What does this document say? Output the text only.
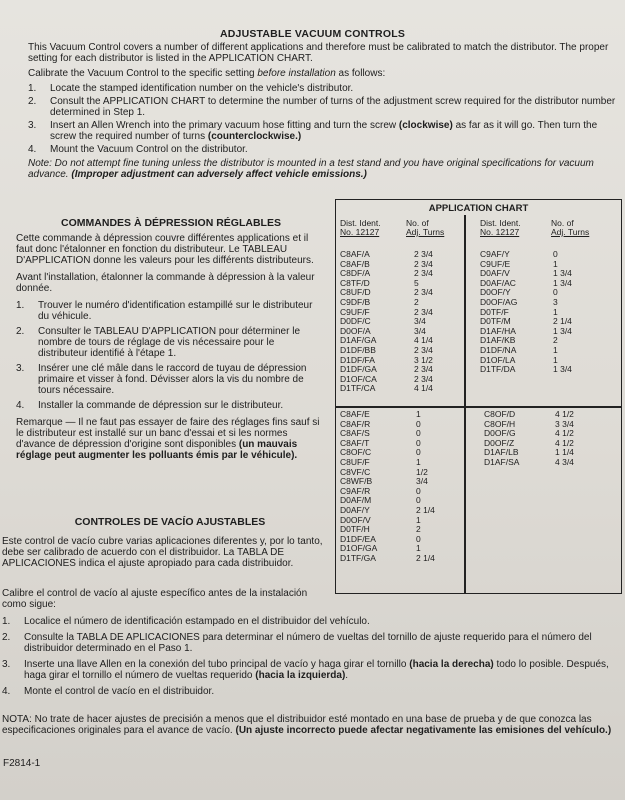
ADJUSTABLE VACUUM CONTROLS

This Vacuum Control covers a number of different applications and therefore must be calibrated to match the distributor. The proper setting for each distributor is listed in the APPLICATION CHART.

Calibrate the Vacuum Control to the specific setting before installation as follows:

1. Locate the stamped identification number on the vehicle's distributor.
2. Consult the APPLICATION CHART to determine the number of turns of the adjustment screw required for the distributor number determined in Step 1.
3. Insert an Allen Wrench into the primary vacuum hose fitting and turn the screw (clockwise) as far as it will go. Then turn the screw the required number of turns (counterclockwise.)
4. Mount the Vacuum Control on the distributor.

Note: Do not attempt fine tuning unless the distributor is mounted in a test stand and you have original specifications for vacuum advance. (Improper adjustment can adversely affect vehicle emissions.)

COMMANDES À DÉPRESSION RÉGLABLES

Cette commande à dépression couvre différentes applications et il faut donc l'étalonner en fonction du distributeur. Le TABLEAU D'APPLICATION donne les valeurs pour les différents distributeurs.

Avant l'installation, étalonner la commande à dépression à la valeur donnée.

1. Trouver le numéro d'identification estampillé sur le distributeur du véhicule.
2. Consulter le TABLEAU D'APPLICATION pour déterminer le nombre de tours de réglage de vis nécessaire pour le distributeur identifié à l'étape 1.
3. Insérer une clé mâle dans le raccord de tuyau de dépression primaire et visser à fond. Dévisser alors la vis du nombre de tours nécessaire.
4. Installer la commande de dépression sur le distributeur.

Remarque — Il ne faut pas essayer de faire des réglages fins sauf si le distributeur est installé sur un banc d'essai et si les normes d'avance de dépression d'origine sont disponibles (un mauvais réglage peut augmenter les polluants émis par le véhicule).

CONTROLES DE VACÍO AJUSTABLES
Este control de vacío cubre varias aplicaciones diferentes y, por lo tanto, debe ser calibrado de acuerdo con el distribuidor. La TABLA DE APLICACIONES indica el ajuste apropiado para cada distribuidor.
Calibre el control de vacío al ajuste específico antes de la instalación como sigue:
1. Localice el número de identificación estampado en el distribuidor del vehículo.
2. Consulte la TABLA DE APLICACIONES para determinar el número de vueltas del tornillo de ajuste requerido para el número del distribuidor determinado en el Paso 1.
3. Inserte una llave Allen en la conexión del tubo principal de vacío y haga girar el tornillo (hacia la derecha) todo lo posible. Después, haga girar el tornillo el número de vueltas requerido (hacia la izquierda).
4. Monte el control de vacío en el distribuidor.
NOTA: No trate de hacer ajustes de precisión a menos que el distribuidor esté montado en una base de prueba y de que conozca las especificaciones originales para el avance de vacío. (Un ajuste incorrecto puede afectar negativamente las emisiones del vehículo.)
F2814-1
APPLICATION CHART
Dist. Ident.
No. 12127
No. of
Adj. Turns
Dist. Ident.
No. 12127
No. of
Adj. Turns
C8AF/A
C8AF/B
C8DF/A
C8TF/D
C8UF/D
C9DF/B
C9UF/F
D0DF/C
D0OF/A
D1AF/GA
D1DF/BB
D1DF/FA
D1DF/GA
D1OF/CA
D1TF/CA
2 3/4
2 3/4
2 3/4
5
2 3/4
2
2 3/4
3/4
3/4
4 1/4
2 3/4
3 1/2
2 3/4
2 3/4
4 1/4
C9AF/Y
C9UF/E
D0AF/V
D0AF/AC
D0OF/Y
D0OF/AG
D0TF/F
D0TF/M
D1AF/HA
D1AF/KB
D1DF/NA
D1OF/LA
D1TF/DA
0
1
1 3/4
1 3/4
0
3
1
2 1/4
1 3/4
2
1
1
1 3/4
C8AF/E
C8AF/R
C8AF/S
C8AF/T
C8OF/C
C8UF/F
C8VF/C
C8WF/B
C9AF/R
D0AF/M
D0AF/Y
D0OF/V
D0TF/H
D1DF/EA
D1OF/GA
D1TF/GA
1
0
0
0
0
1
1/2
3/4
0
0
2 1/4
1
2
0
1
2 1/4
C8OF/D
C8OF/H
D0OF/G
D0OF/Z
D1AF/LB
D1AF/SA
4 1/2
3 3/4
4 1/2
4 1/2
1 1/4
4 3/4
